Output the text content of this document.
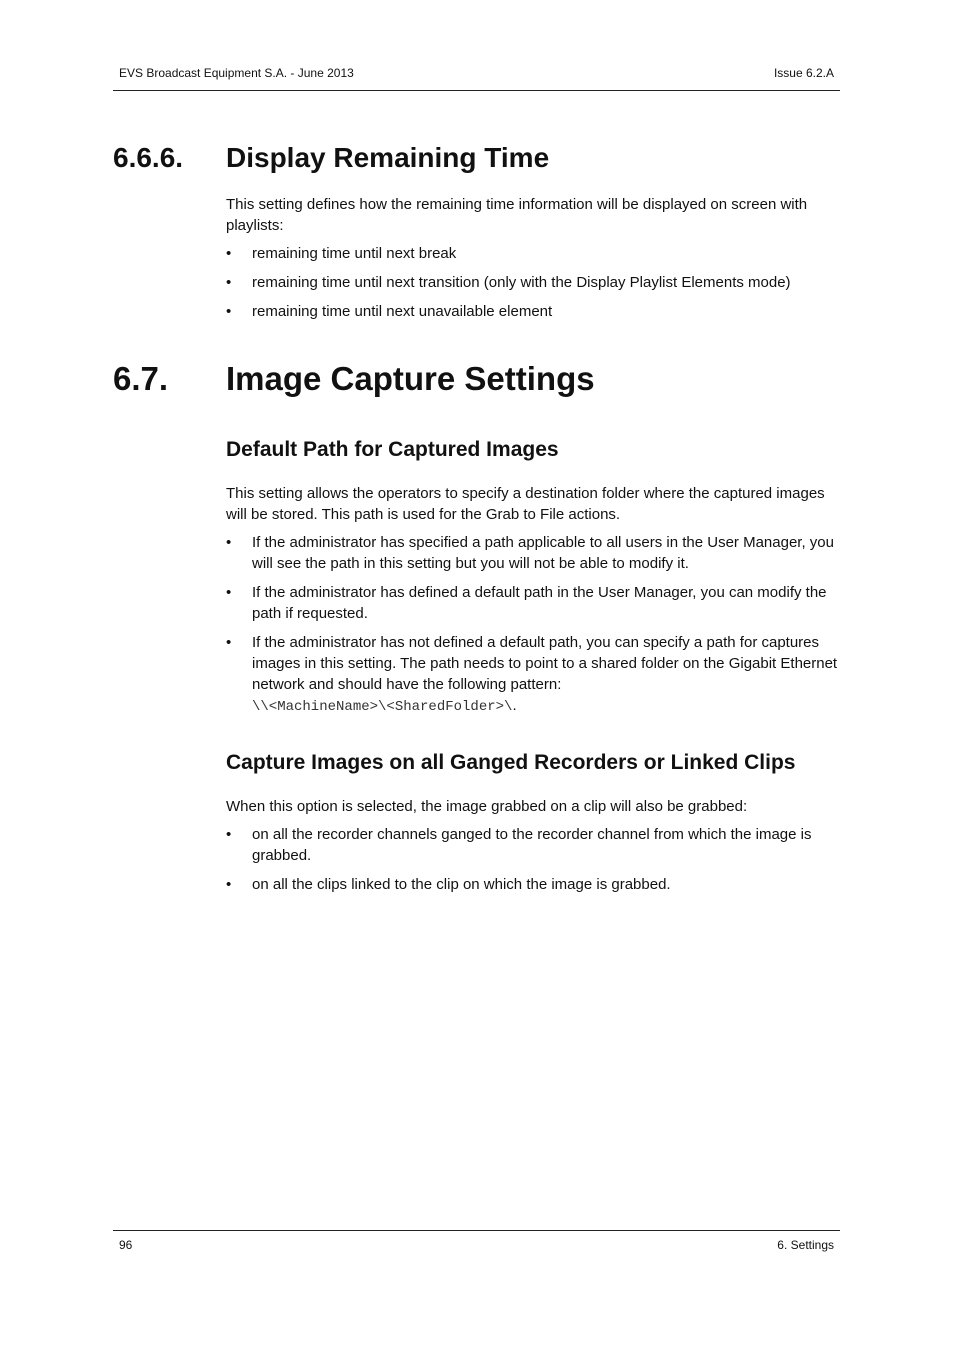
EVS Broadcast Equipment S.A. - June 2013	Issue 6.2.A
6.6.6. Display Remaining Time

This setting defines how the remaining time information will be displayed on screen with playlists:

• remaining time until next break
• remaining time until next transition (only with the Display Playlist Elements mode)
• remaining time until next unavailable element
6.7. Image Capture Settings
Default Path for Captured Images

This setting allows the operators to specify a destination folder where the captured images will be stored. This path is used for the Grab to File actions.

• If the administrator has specified a path applicable to all users in the User Manager, you will see the path in this setting but you will not be able to modify it.
• If the administrator has defined a default path in the User Manager, you can modify the path if requested.
• If the administrator has not defined a default path, you can specify a path for captures images in this setting. The path needs to point to a shared folder on the Gigabit Ethernet network and should have the following pattern:
\\<MachineName>\<SharedFolder>\.
Capture Images on all Ganged Recorders or Linked Clips

When this option is selected, the image grabbed on a clip will also be grabbed:

• on all the recorder channels ganged to the recorder channel from which the image is grabbed.
• on all the clips linked to the clip on which the image is grabbed.
96	6. Settings
